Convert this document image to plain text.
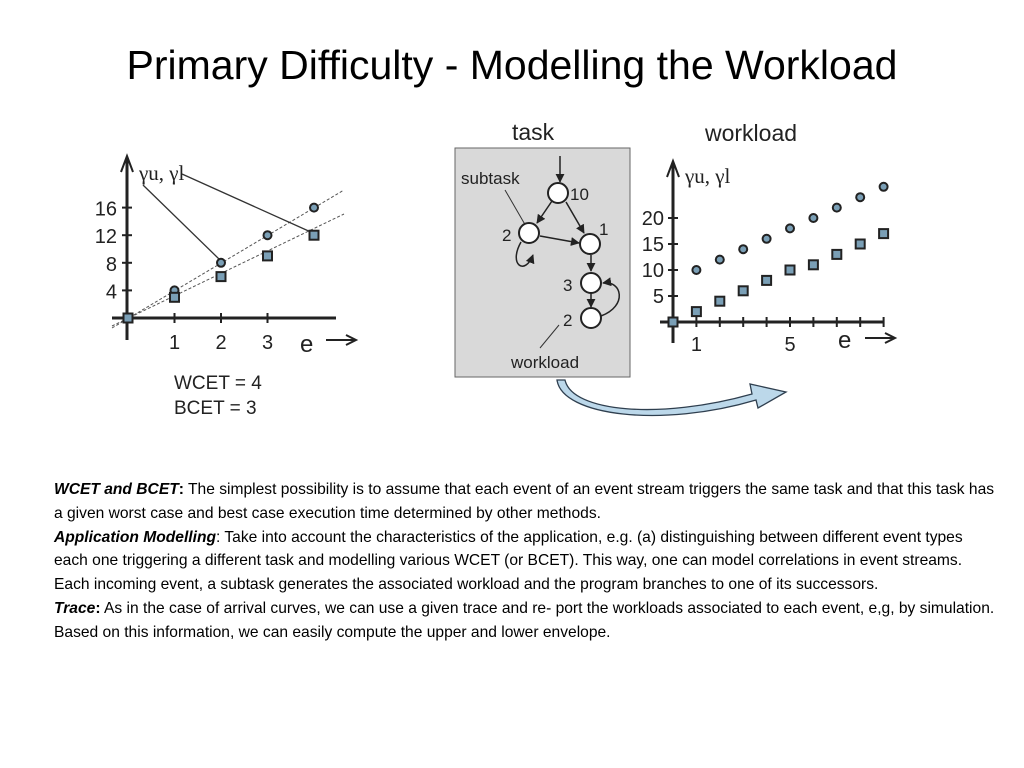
Primary Difficulty - Modelling the Workload
γu, γl
16
12
8
4
1 2 3 e
WCET = 4
BCET = 3
task
subtask
workload
10
2	1
3
2
workload
γu, γl
20
15
10
5
1	5 e

WCET and BCET: The simplest possibility is to assume that each event of an event stream triggers the same task and that this task has a given worst case and best case execution time determined by other methods.

Application Modelling: Take into account the characteristics of the application, e.g. (a) distinguishing between different event types each one triggering a different task and modelling various WCET (or BCET). This way, one can model correlations in event streams. Each incoming event, a subtask generates the associated workload and the program branches to one of its successors.

Trace: As in the case of arrival curves, we can use a given trace and re- port the workloads associated to each event, e,g, by simulation. Based on this information, we can easily compute the upper and lower envelope.
